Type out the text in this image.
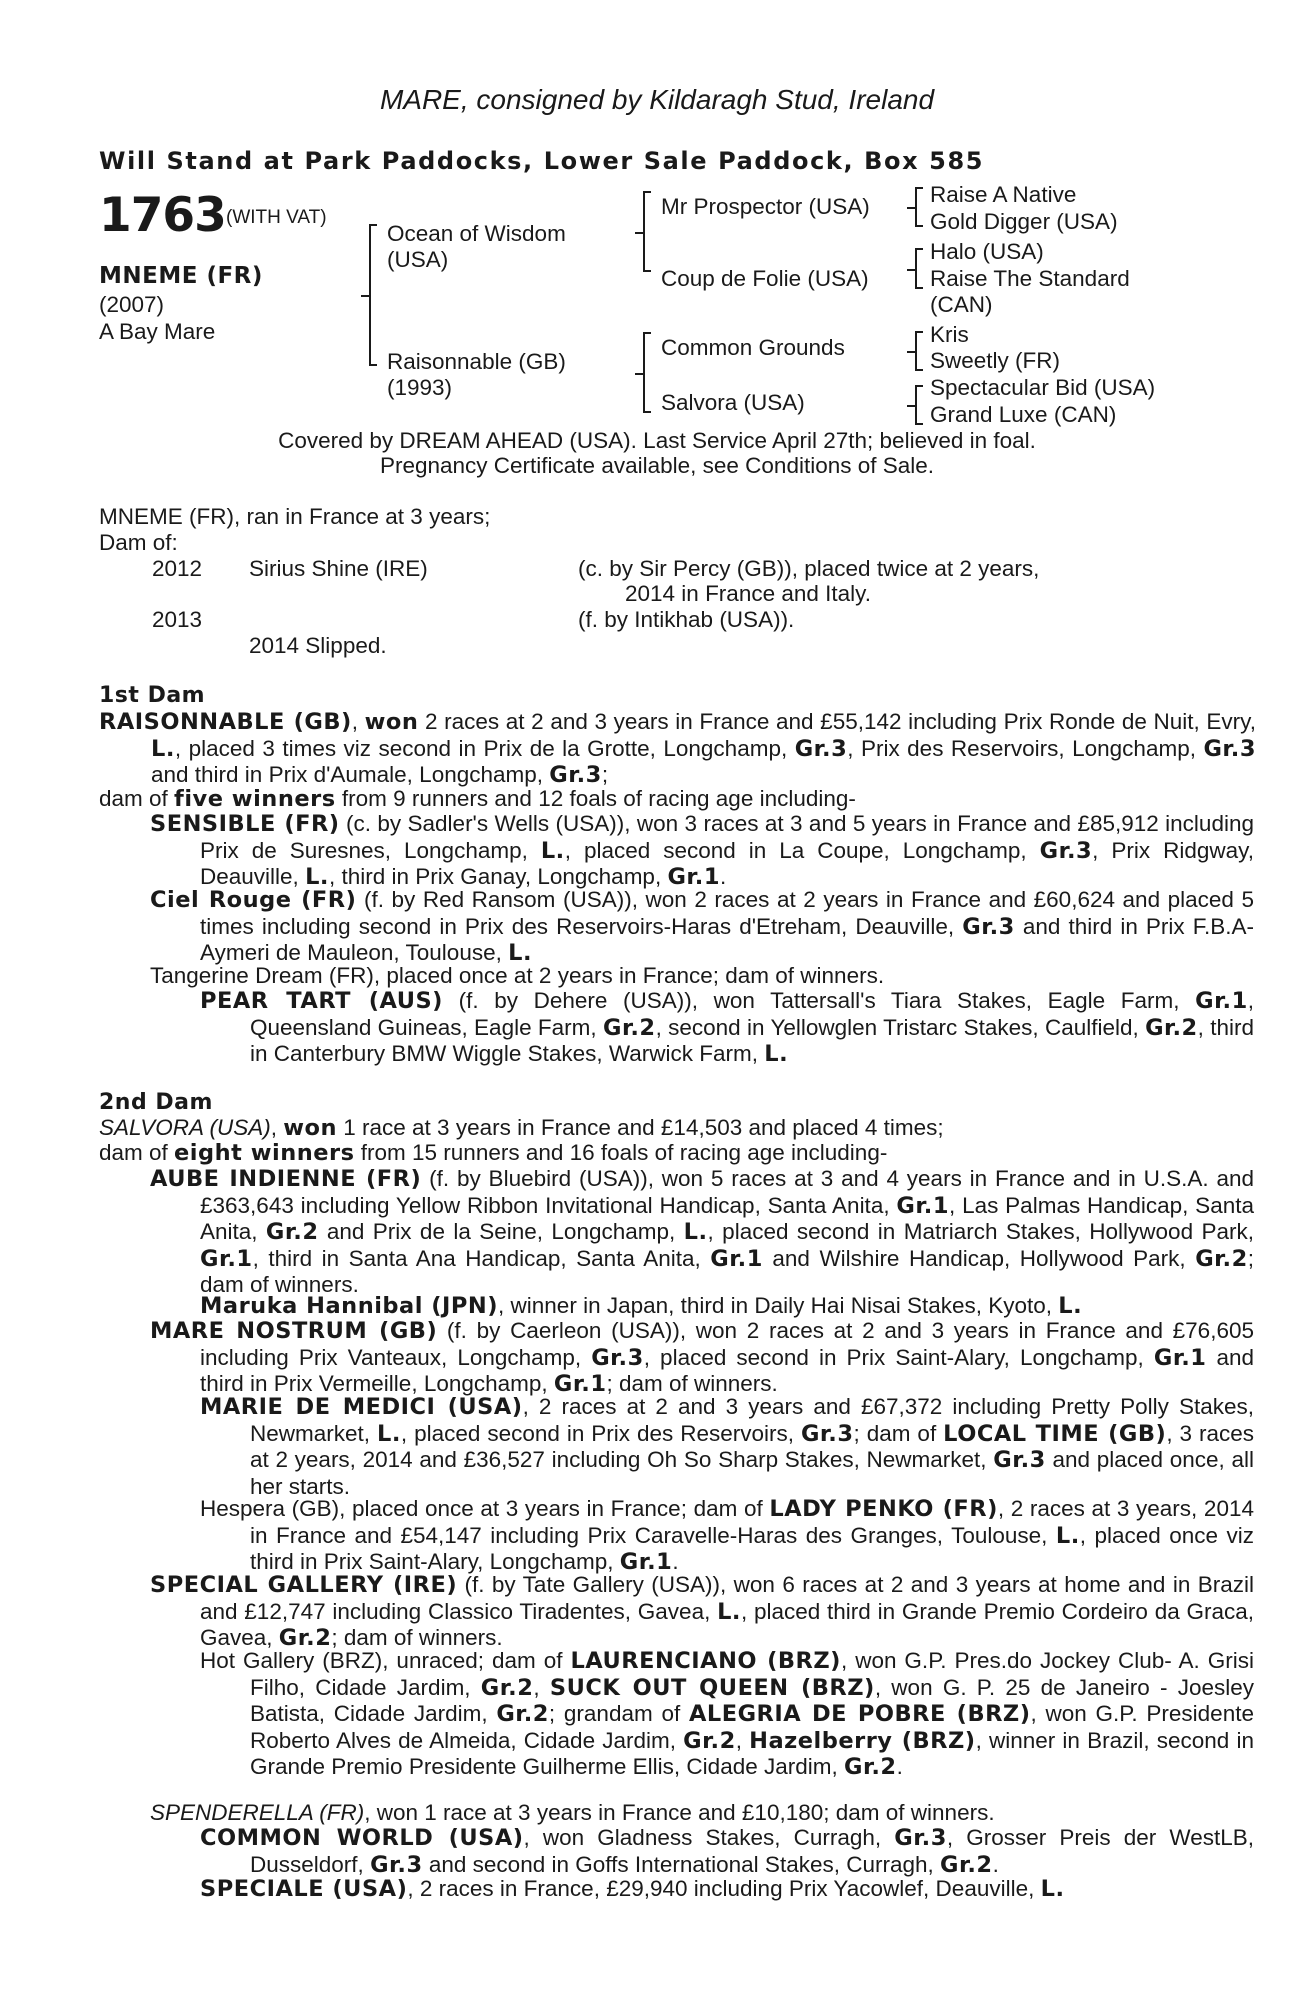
MARE, consigned by Kildaragh Stud, Ireland
Will Stand at Park Paddocks, Lower Sale Paddock, Box 585
1763 (WITH VAT)
MNEME (FR)
(2007)
A Bay Mare
Ocean of Wisdom
(USA)
Raisonnable (GB)
(1993)
Mr Prospector (USA)
Coup de Folie (USA)
Common Grounds
Salvora (USA)
Raise A Native
Gold Digger (USA)
Halo (USA)
Raise The Standard
(CAN)
Kris
Sweetly (FR)
Spectacular Bid (USA)
Grand Luxe (CAN)
Covered by DREAM AHEAD (USA). Last Service April 27th; believed in foal.
Pregnancy Certificate available, see Conditions of Sale.
MNEME (FR), ran in France at 3 years;
Dam of:
2012 Sirius Shine (IRE)	(c. by Sir Percy (GB)), placed twice at 2 years,
2014 in France and Italy.
2013	(f. by Intikhab (USA)).
2014 Slipped.
1st Dam

RAISONNABLE (GB), won 2 races at 2 and 3 years in France and £55,142 including Prix Ronde de Nuit, Evry, L., placed 3 times viz second in Prix de la Grotte, Longchamp, Gr.3, Prix des Reservoirs, Longchamp, Gr.3 and third in Prix d'Aumale, Longchamp, Gr.3;

dam of five winners from 9 runners and 12 foals of racing age including-

SENSIBLE (FR) (c. by Sadler's Wells (USA)), won 3 races at 3 and 5 years in France and £85,912 including Prix de Suresnes, Longchamp, L., placed second in La Coupe, Longchamp, Gr.3, Prix Ridgway, Deauville, L., third in Prix Ganay, Longchamp, Gr.1.

Ciel Rouge (FR) (f. by Red Ransom (USA)), won 2 races at 2 years in France and £60,624 and placed 5 times including second in Prix des Reservoirs-Haras d'Etreham, Deauville, Gr.3 and third in Prix F.B.A-Aymeri de Mauleon, Toulouse, L.

Tangerine Dream (FR), placed once at 2 years in France; dam of winners.

PEAR TART (AUS) (f. by Dehere (USA)), won Tattersall's Tiara Stakes, Eagle Farm, Gr.1, Queensland Guineas, Eagle Farm, Gr.2, second in Yellowglen Tristarc Stakes, Caulfield, Gr.2, third in Canterbury BMW Wiggle Stakes, Warwick Farm, L.

2nd Dam

SALVORA (USA), won 1 race at 3 years in France and £14,503 and placed 4 times;

dam of eight winners from 15 runners and 16 foals of racing age including-

AUBE INDIENNE (FR) (f. by Bluebird (USA)), won 5 races at 3 and 4 years in France and in U.S.A. and £363,643 including Yellow Ribbon Invitational Handicap, Santa Anita, Gr.1, Las Palmas Handicap, Santa Anita, Gr.2 and Prix de la Seine, Longchamp, L., placed second in Matriarch Stakes, Hollywood Park, Gr.1, third in Santa Ana Handicap, Santa Anita, Gr.1 and Wilshire Handicap, Hollywood Park, Gr.2; dam of winners.

Maruka Hannibal (JPN), winner in Japan, third in Daily Hai Nisai Stakes, Kyoto, L.

MARE NOSTRUM (GB) (f. by Caerleon (USA)), won 2 races at 2 and 3 years in France and £76,605 including Prix Vanteaux, Longchamp, Gr.3, placed second in Prix Saint-Alary, Longchamp, Gr.1 and third in Prix Vermeille, Longchamp, Gr.1; dam of winners.

MARIE DE MEDICI (USA), 2 races at 2 and 3 years and £67,372 including Pretty Polly Stakes, Newmarket, L., placed second in Prix des Reservoirs, Gr.3; dam of LOCAL TIME (GB), 3 races at 2 years, 2014 and £36,527 including Oh So Sharp Stakes, Newmarket, Gr.3 and placed once, all her starts.

Hespera (GB), placed once at 3 years in France; dam of LADY PENKO (FR), 2 races at 3 years, 2014 in France and £54,147 including Prix Caravelle-Haras des Granges, Toulouse, L., placed once viz third in Prix Saint-Alary, Longchamp, Gr.1.

SPECIAL GALLERY (IRE) (f. by Tate Gallery (USA)), won 6 races at 2 and 3 years at home and in Brazil and £12,747 including Classico Tiradentes, Gavea, L., placed third in Grande Premio Cordeiro da Graca, Gavea, Gr.2; dam of winners.

Hot Gallery (BRZ), unraced; dam of LAURENCIANO (BRZ), won G.P. Pres.do Jockey Club- A. Grisi Filho, Cidade Jardim, Gr.2, SUCK OUT QUEEN (BRZ), won G. P. 25 de Janeiro - Joesley Batista, Cidade Jardim, Gr.2; grandam of ALEGRIA DE POBRE (BRZ), won G.P. Presidente Roberto Alves de Almeida, Cidade Jardim, Gr.2, Hazelberry (BRZ), winner in Brazil, second in Grande Premio Presidente Guilherme Ellis, Cidade Jardim, Gr.2.

SPENDERELLA (FR), won 1 race at 3 years in France and £10,180; dam of winners.

COMMON WORLD (USA), won Gladness Stakes, Curragh, Gr.3, Grosser Preis der WestLB, Dusseldorf, Gr.3 and second in Goffs International Stakes, Curragh, Gr.2.

SPECIALE (USA), 2 races in France, £29,940 including Prix Yacowlef, Deauville, L.
